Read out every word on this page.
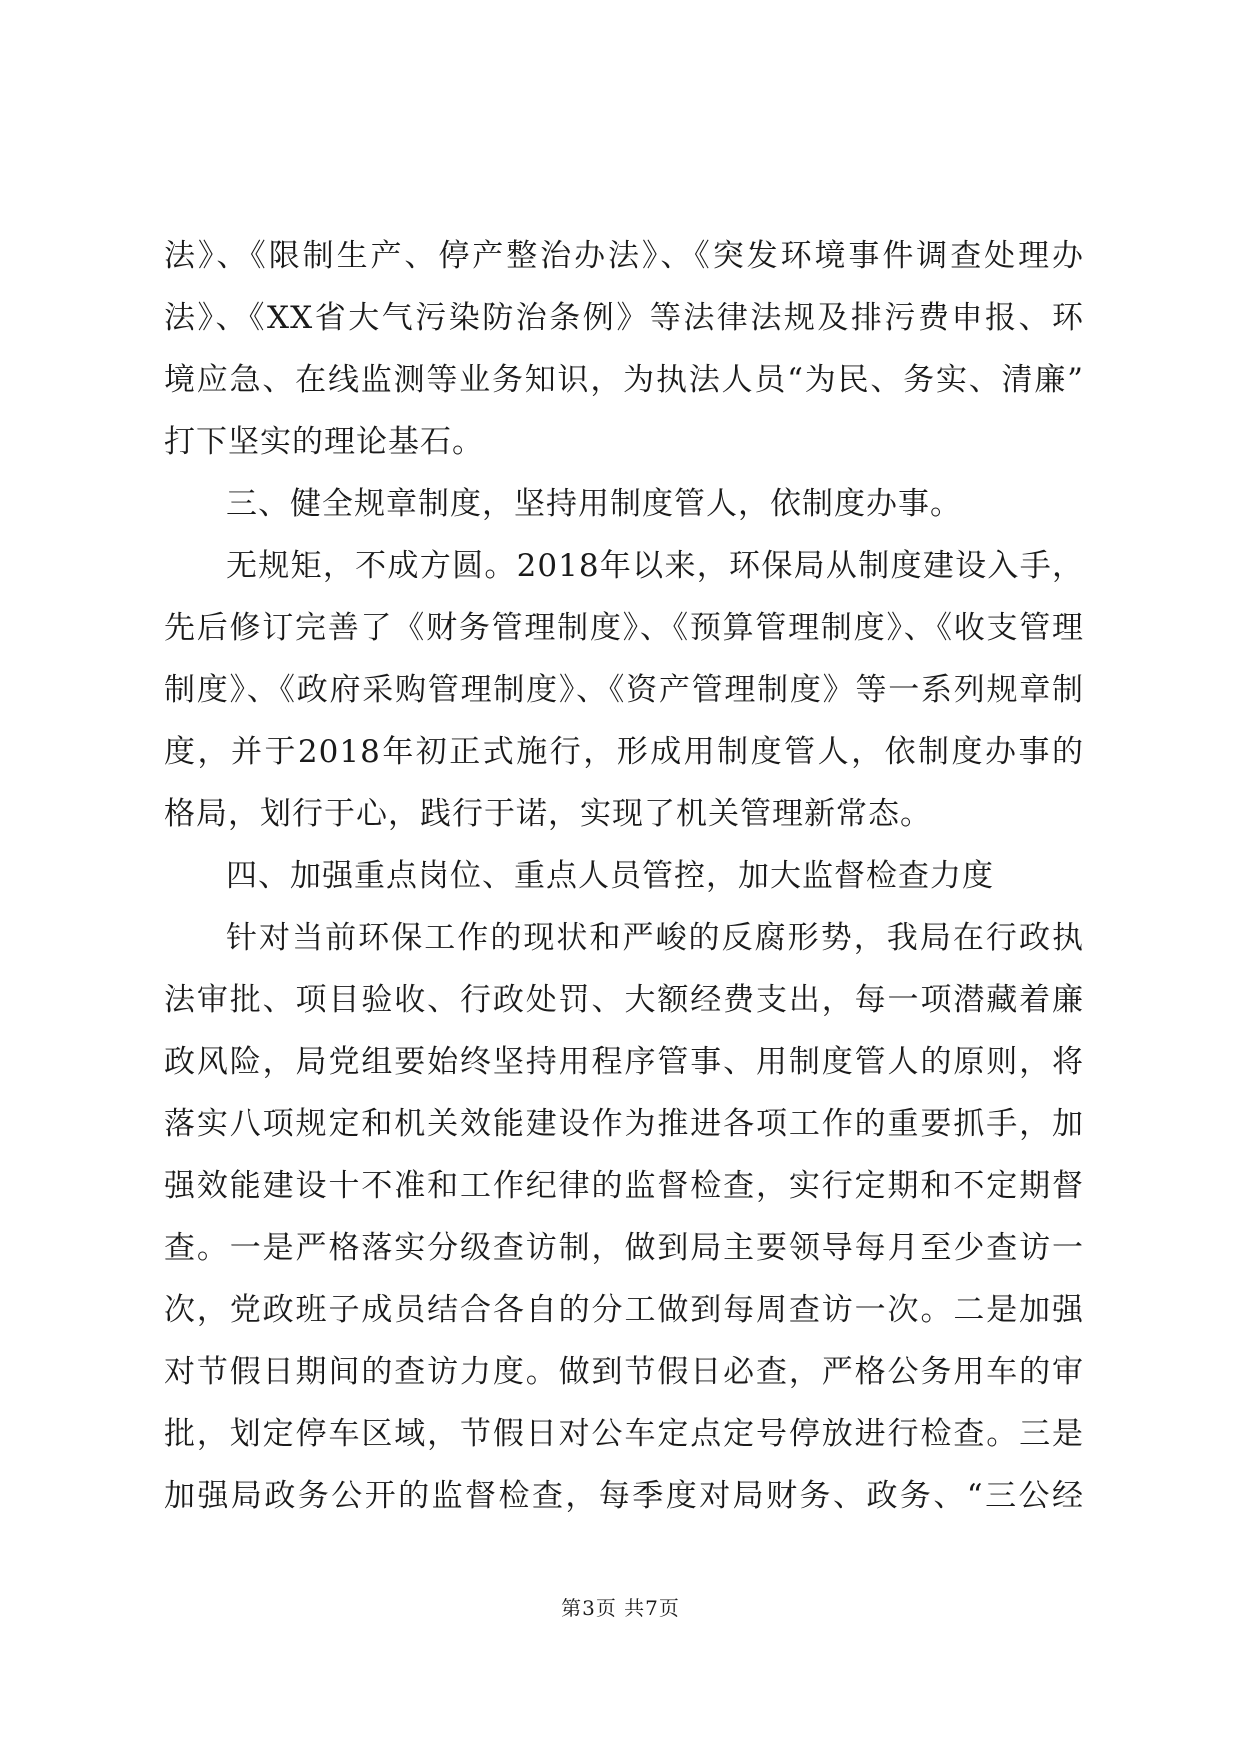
法》、《限制生产、停产整治办法》、《突发环境事件调查处理办
法》、《XX省大气污染防治条例》等法律法规及排污费申报、环
境应急、在线监测等业务知识，为执法人员“为民、务实、清廉”
打下坚实的理论基石。
三、健全规章制度，坚持用制度管人，依制度办事。
无规矩，不成方圆。2018年以来，环保局从制度建设入手，
先后修订完善了《财务管理制度》、《预算管理制度》、《收支管理
制度》、《政府采购管理制度》、《资产管理制度》等一系列规章制
度，并于2018年初正式施行，形成用制度管人，依制度办事的
格局，划行于心，践行于诺，实现了机关管理新常态。
四、加强重点岗位、重点人员管控，加大监督检查力度
针对当前环保工作的现状和严峻的反腐形势，我局在行政执
法审批、项目验收、行政处罚、大额经费支出，每一项潜藏着廉
政风险，局党组要始终坚持用程序管事、用制度管人的原则，将
落实八项规定和机关效能建设作为推进各项工作的重要抓手，加
强效能建设十不准和工作纪律的监督检查，实行定期和不定期督
查。一是严格落实分级查访制，做到局主要领导每月至少查访一
次，党政班子成员结合各自的分工做到每周查访一次。二是加强
对节假日期间的查访力度。做到节假日必查，严格公务用车的审
批，划定停车区域，节假日对公车定点定号停放进行检查。三是
加强局政务公开的监督检查，每季度对局财务、政务、“三公经
第3页 共7页
